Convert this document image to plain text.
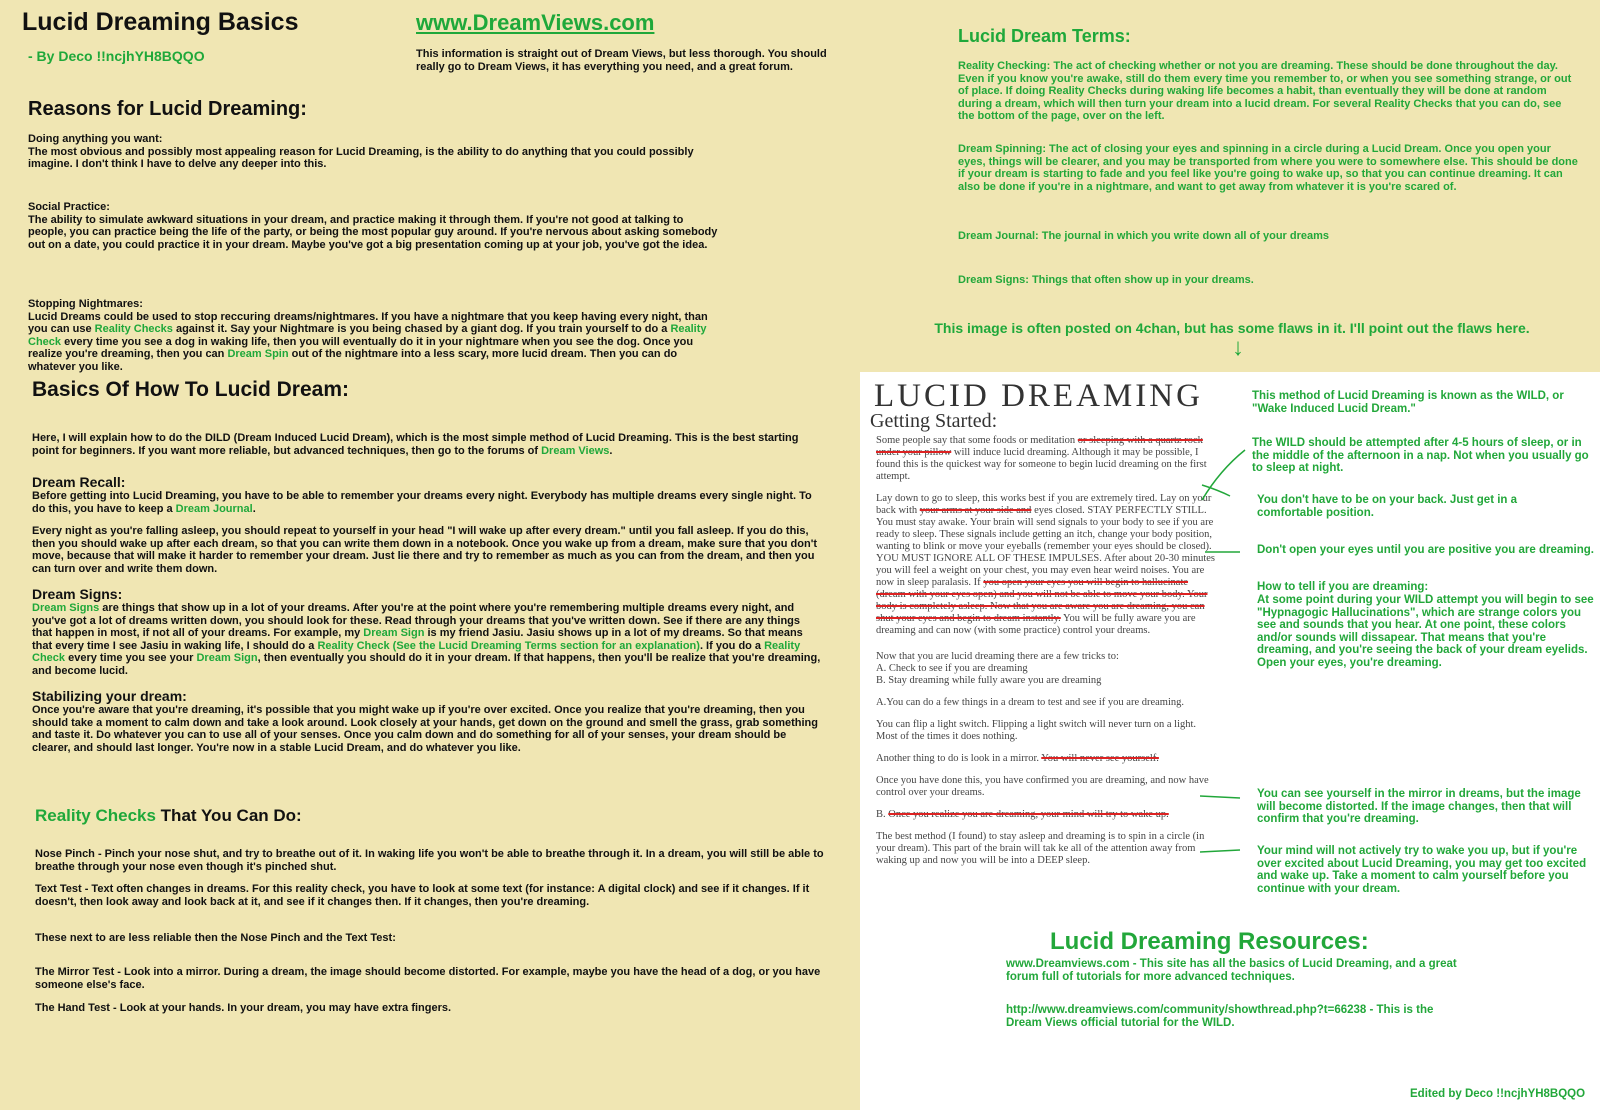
Lucid Dreaming Basics
- By Deco !!ncjhYH8BQQO
www.DreamViews.com
This information is straight out of Dream Views, but less thorough. You should really go to Dream Views, it has everything you need, and a great forum.
Reasons for Lucid Dreaming:
Doing anything you want:
The most obvious and possibly most appealing reason for Lucid Dreaming, is the ability to do anything that you could possibly imagine. I don't think I have to delve any deeper into this.
Social Practice:
The ability to simulate awkward situations in your dream, and practice making it through them. If you're not good at talking to people, you can practice being the life of the party, or being the most popular guy around. If you're nervous about asking somebody out on a date, you could practice it in your dream. Maybe you've got a big presentation coming up at your job, you've got the idea.
Stopping Nightmares:
Lucid Dreams could be used to stop reccuring dreams/nightmares. If you have a nightmare that you keep having every night, than you can use Reality Checks against it. Say your Nightmare is you being chased by a giant dog. If you train yourself to do a Reality Check every time you see a dog in waking life, then you will eventually do it in your nightmare when you see the dog. Once you realize you're dreaming, then you can Dream Spin out of the nightmare into a less scary, more lucid dream. Then you can do whatever you like.
Basics Of How To Lucid Dream:
Here, I will explain how to do the DILD (Dream Induced Lucid Dream), which is the most simple method of Lucid Dreaming. This is the best starting point for beginners. If you want more reliable, but advanced techniques, then go to the forums of Dream Views.
Dream Recall:
Before getting into Lucid Dreaming, you have to be able to remember your dreams every night. Everybody has multiple dreams every single night. To do this, you have to keep a Dream Journal.
Every night as you're falling asleep, you should repeat to yourself in your head "I will wake up after every dream." until you fall asleep. If you do this, then you should wake up after each dream, so that you can write them down in a notebook. Once you wake up from a dream, make sure that you don't move, because that will make it harder to remember your dream. Just lie there and try to remember as much as you can from the dream, and then you can turn over and write them down.
Dream Signs:
Dream Signs are things that show up in a lot of your dreams. After you're at the point where you're remembering multiple dreams every night, and you've got a lot of dreams written down, you should look for these. Read through your dreams that you've written down. See if there are any things that happen in most, if not all of your dreams. For example, my Dream Sign is my friend Jasiu. Jasiu shows up in a lot of my dreams. So that means that every time I see Jasiu in waking life, I should do a Reality Check (See the Lucid Dreaming Terms section for an explanation). If you do a Reality Check every time you see your Dream Sign, then eventually you should do it in your dream. If that happens, then you'll be realize that you're dreaming, and become lucid.
Stabilizing your dream:
Once you're aware that you're dreaming, it's possible that you might wake up if you're over excited. Once you realize that you're dreaming, then you should take a moment to calm down and take a look around. Look closely at your hands, get down on the ground and smell the grass, grab something and taste it. Do whatever you can to use all of your senses. Once you calm down and do something for all of your senses, your dream should be clearer, and should last longer. You're now in a stable Lucid Dream, and do whatever you like.
Reality Checks That You Can Do:
Nose Pinch - Pinch your nose shut, and try to breathe out of it. In waking life you won't be able to breathe through it. In a dream, you will still be able to breathe through your nose even though it's pinched shut.
Text Test - Text often changes in dreams. For this reality check, you have to look at some text (for instance: A digital clock) and see if it changes. If it doesn't, then look away and look back at it, and see if it changes then. If it changes, then you're dreaming.
These next to are less reliable then the Nose Pinch and the Text Test:
The Mirror Test - Look into a mirror. During a dream, the image should become distorted. For example, maybe you have the head of a dog, or you have someone else's face.
The Hand Test - Look at your hands. In your dream, you may have extra fingers.
Lucid Dream Terms:
Reality Checking: The act of checking whether or not you are dreaming. These should be done throughout the day. Even if you know you're awake, still do them every time you remember to, or when you see something strange, or out of place. If doing Reality Checks during waking life becomes a habit, than eventually they will be done at random during a dream, which will then turn your dream into a lucid dream. For several Reality Checks that you can do, see the bottom of the page, over on the left.
Dream Spinning: The act of closing your eyes and spinning in a circle during a Lucid Dream. Once you open your eyes, things will be clearer, and you may be transported from where you were to somewhere else. This should be done if your dream is starting to fade and you feel like you're going to wake up, so that you can continue dreaming. It can also be done if you're in a nightmare, and want to get away from whatever it is you're scared of.
Dream Journal: The journal in which you write down all of your dreams
Dream Signs: Things that often show up in your dreams.
This image is often posted on 4chan, but has some flaws in it. I'll point out the flaws here.
↓
LUCID DREAMING
Getting Started:

Some people say that some foods or meditation or sleeping with a quartz rock under your pillow will induce lucid dreaming. Although it may be possible, I found this is the quickest way for someone to begin lucid dreaming on the first attempt.

Lay down to go to sleep, this works best if you are extremely tired. Lay on your back with your arms at your side and eyes closed. STAY PERFECTLY STILL. You must stay awake. Your brain will send signals to your body to see if you are ready to sleep. These signals include getting an itch, change your body position, wanting to blink or move your eyeballs (remember your eyes should be closed). YOU MUST IGNORE ALL OF THESE IMPULSES. After about 20-30 minutes you will feel a weight on your chest, you may even hear weird noises. You are now in sleep paralasis. If you open your eyes you will begin to hallucinate (dream with your eyes open) and you will not be able to move your body. Your body is completely asleep. Now that you are aware you are dreaming, you can shut your eyes and begin to dream instantly. You will be fully aware you are dreaming and can now (with some practice) control your dreams.

Now that you are lucid dreaming there are a few tricks to:

A. Check to see if you are dreaming

B. Stay dreaming while fully aware you are dreaming

A.You can do a few things in a dream to test and see if you are dreaming.

You can flip a light switch. Flipping a light switch will never turn on a light. Most of the times it does nothing.

Another thing to do is look in a mirror. You will never see yourself.

Once you have done this, you have confirmed you are dreaming, and now have control over your dreams.

B. Once you realize you are dreaming, your mind will try to wake up.

The best method (I found) to stay asleep and dreaming is to spin in a circle (in your dream). This part of the brain will tak ke all of the attention away from waking up and now you will be into a DEEP sleep.

This method of Lucid Dreaming is known as the WILD, or "Wake Induced Lucid Dream."
The WILD should be attempted after 4-5 hours of sleep, or in the middle of the afternoon in a nap. Not when you usually go to sleep at night.
You don't have to be on your back. Just get in a comfortable position.
Don't open your eyes until you are positive you are dreaming.
How to tell if you are dreaming:
At some point during your WILD attempt you will begin to see "Hypnagogic Hallucinations", which are strange colors you see and sounds that you hear. At one point, these colors and/or sounds will dissapear. That means that you're dreaming, and you're seeing the back of your dream eyelids. Open your eyes, you're dreaming.
You can see yourself in the mirror in dreams, but the image will become distorted. If the image changes, then that will confirm that you're dreaming.
Your mind will not actively try to wake you up, but if you're over excited about Lucid Dreaming, you may get too excited and wake up. Take a moment to calm yourself before you continue with your dream.
Lucid Dreaming Resources:
www.Dreamviews.com - This site has all the basics of Lucid Dreaming, and a great forum full of tutorials for more advanced techniques.
http://www.dreamviews.com/community/showthread.php?t=66238 - This is the Dream Views official tutorial for the WILD.
Edited by Deco !!ncjhYH8BQQO
